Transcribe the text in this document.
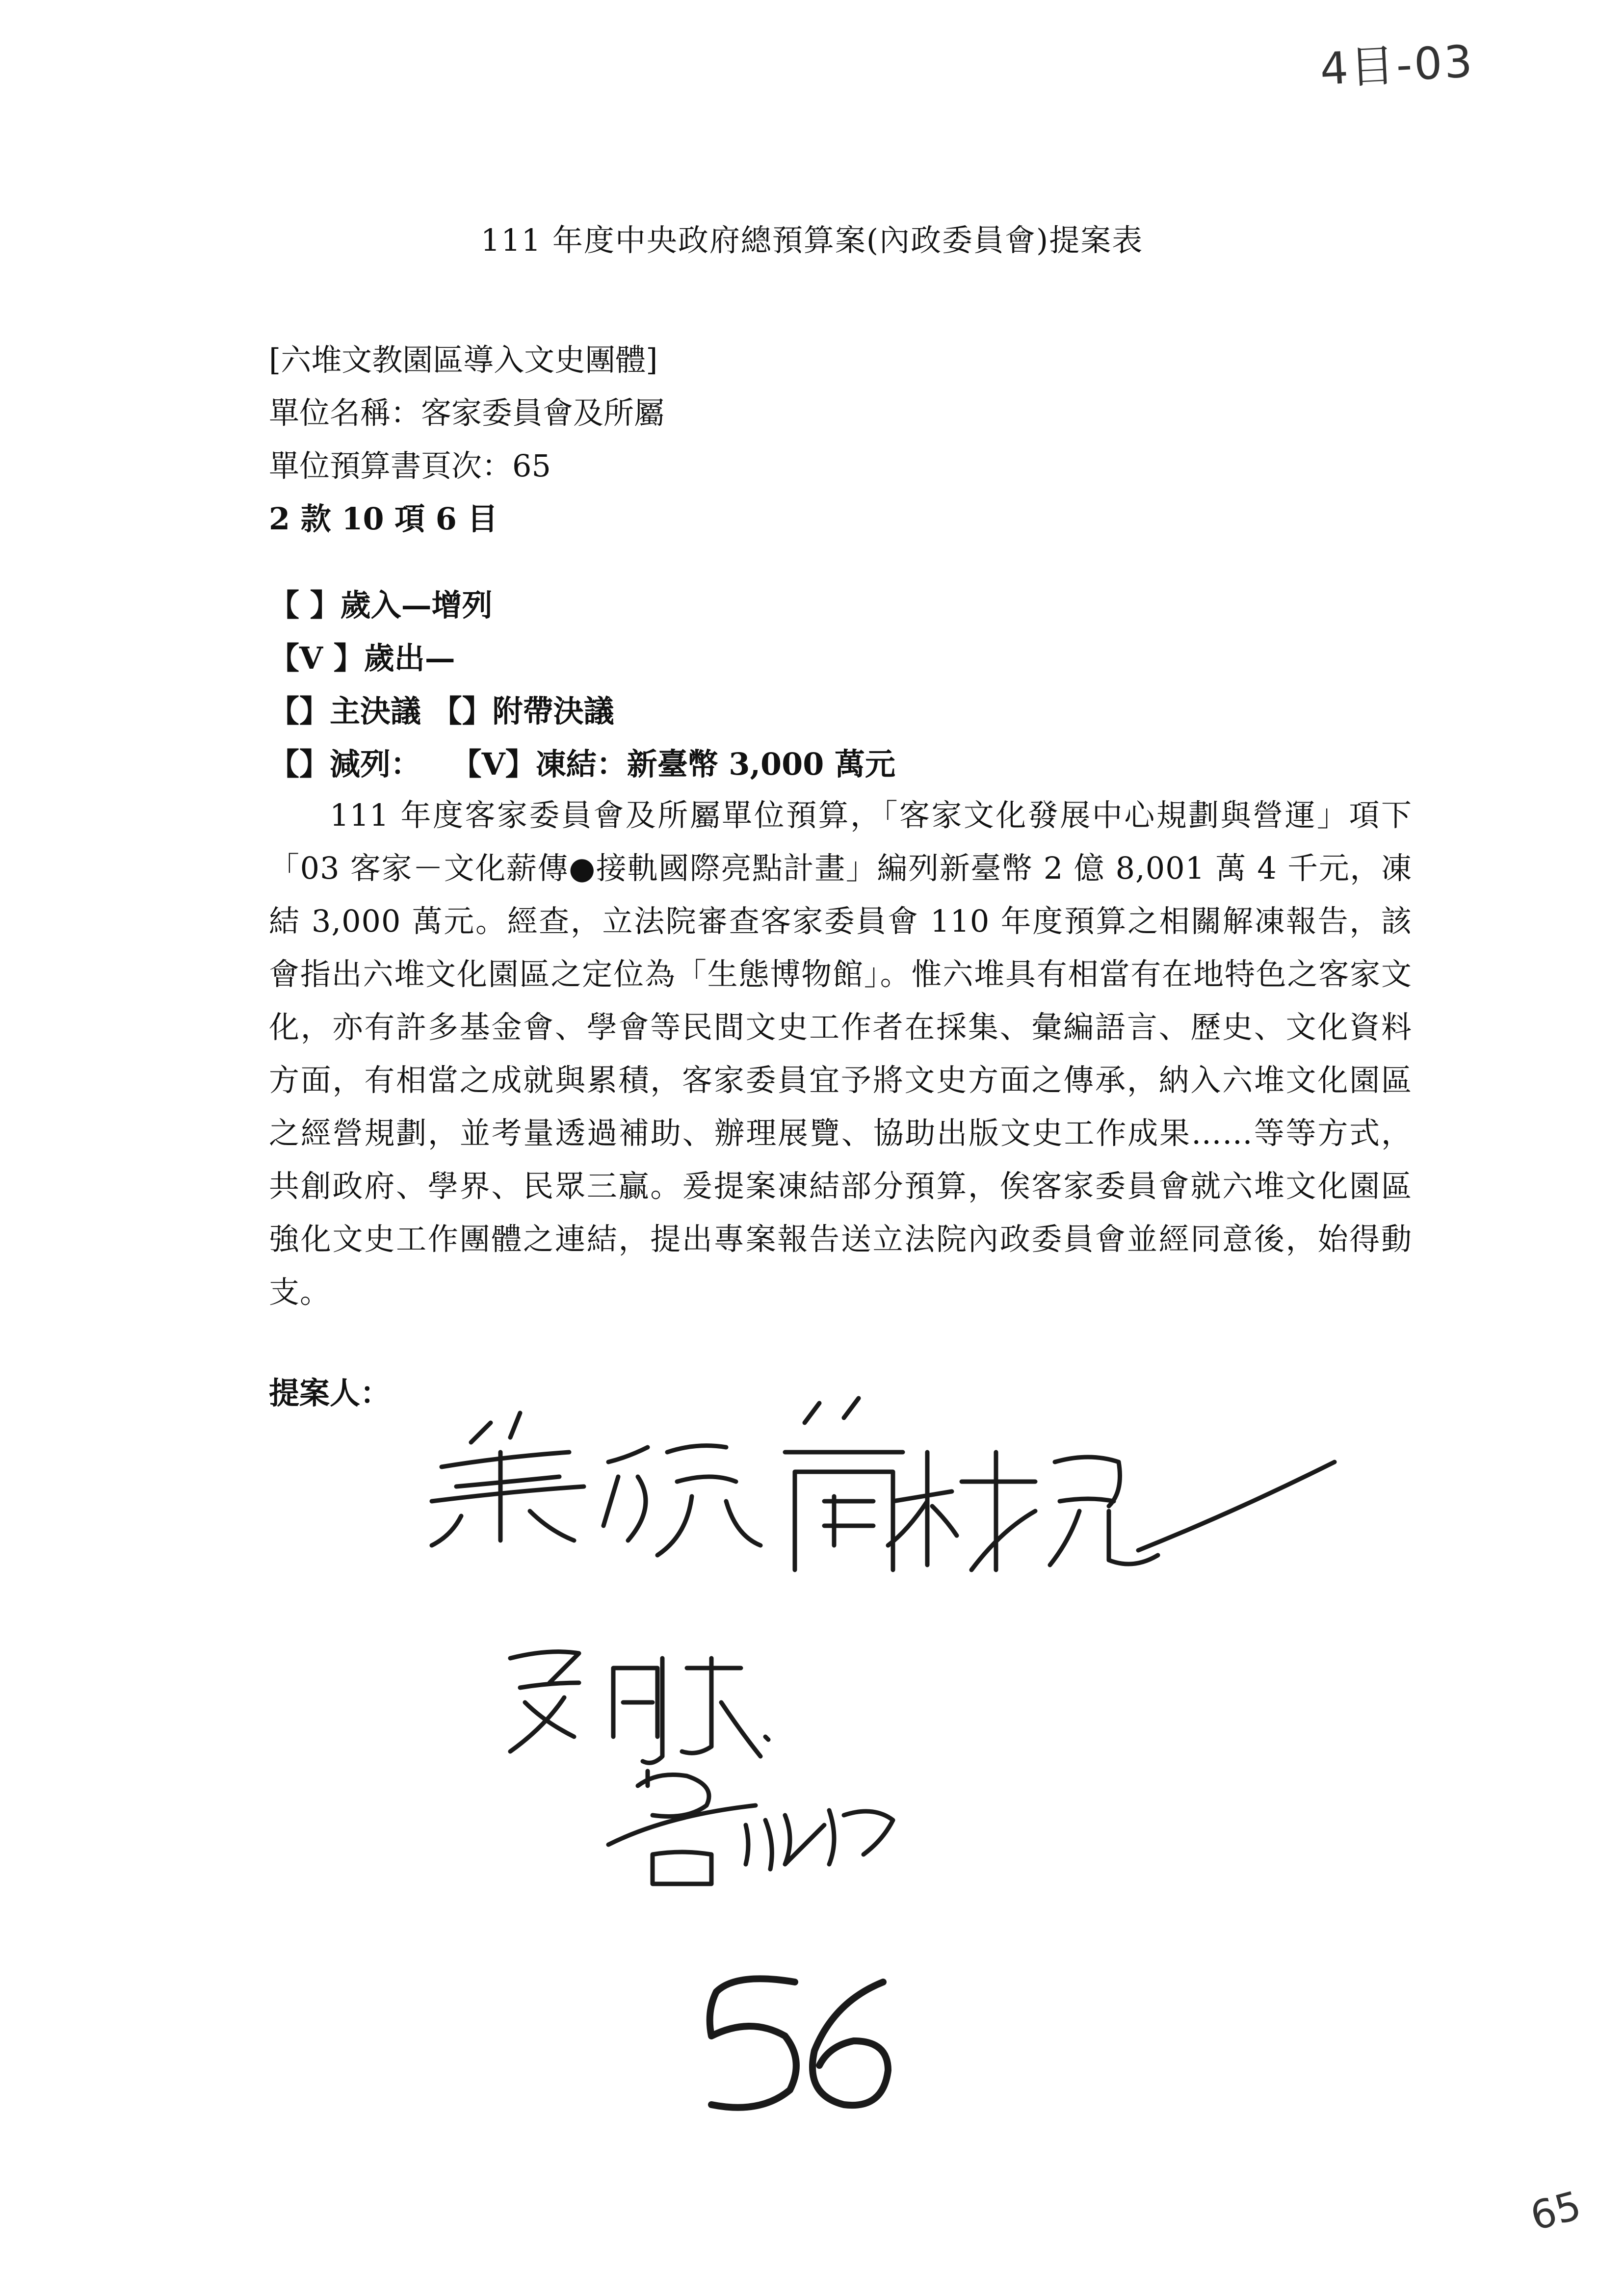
4目-03
111 年度中央政府總預算案(內政委員會)提案表
[六堆文教園區導入文史團體]
單位名稱：客家委員會及所屬
單位預算書頁次：65
2 款 10 項 6 目
【 】歲入—增列
【V 】歲出—
【】主決議 【】附帶決議
【】減列： 【V】凍結：新臺幣 3,000 萬元
111 年度客家委員會及所屬單位預算，「客家文化發展中心規劃與營運」項下「03 客家－文化薪傳●接軌國際亮點計畫」編列新臺幣 2 億 8,001 萬 4 千元，凍結 3,000 萬元。經查，立法院審查客家委員會 110 年度預算之相關解凍報告，該會指出六堆文化園區之定位為「生態博物館」。惟六堆具有相當有在地特色之客家文化，亦有許多基金會、學會等民間文史工作者在採集、彙編語言、歷史、文化資料方面，有相當之成就與累積，客家委員宜予將文史方面之傳承，納入六堆文化園區之經營規劃，並考量透過補助、辦理展覽、協助出版文史工作成果……等等方式，共創政府、學界、民眾三贏。爰提案凍結部分預算，俟客家委員會就六堆文化園區強化文史工作團體之連結，提出專案報告送立法院內政委員會並經同意後，始得動支。
提案人：
65
